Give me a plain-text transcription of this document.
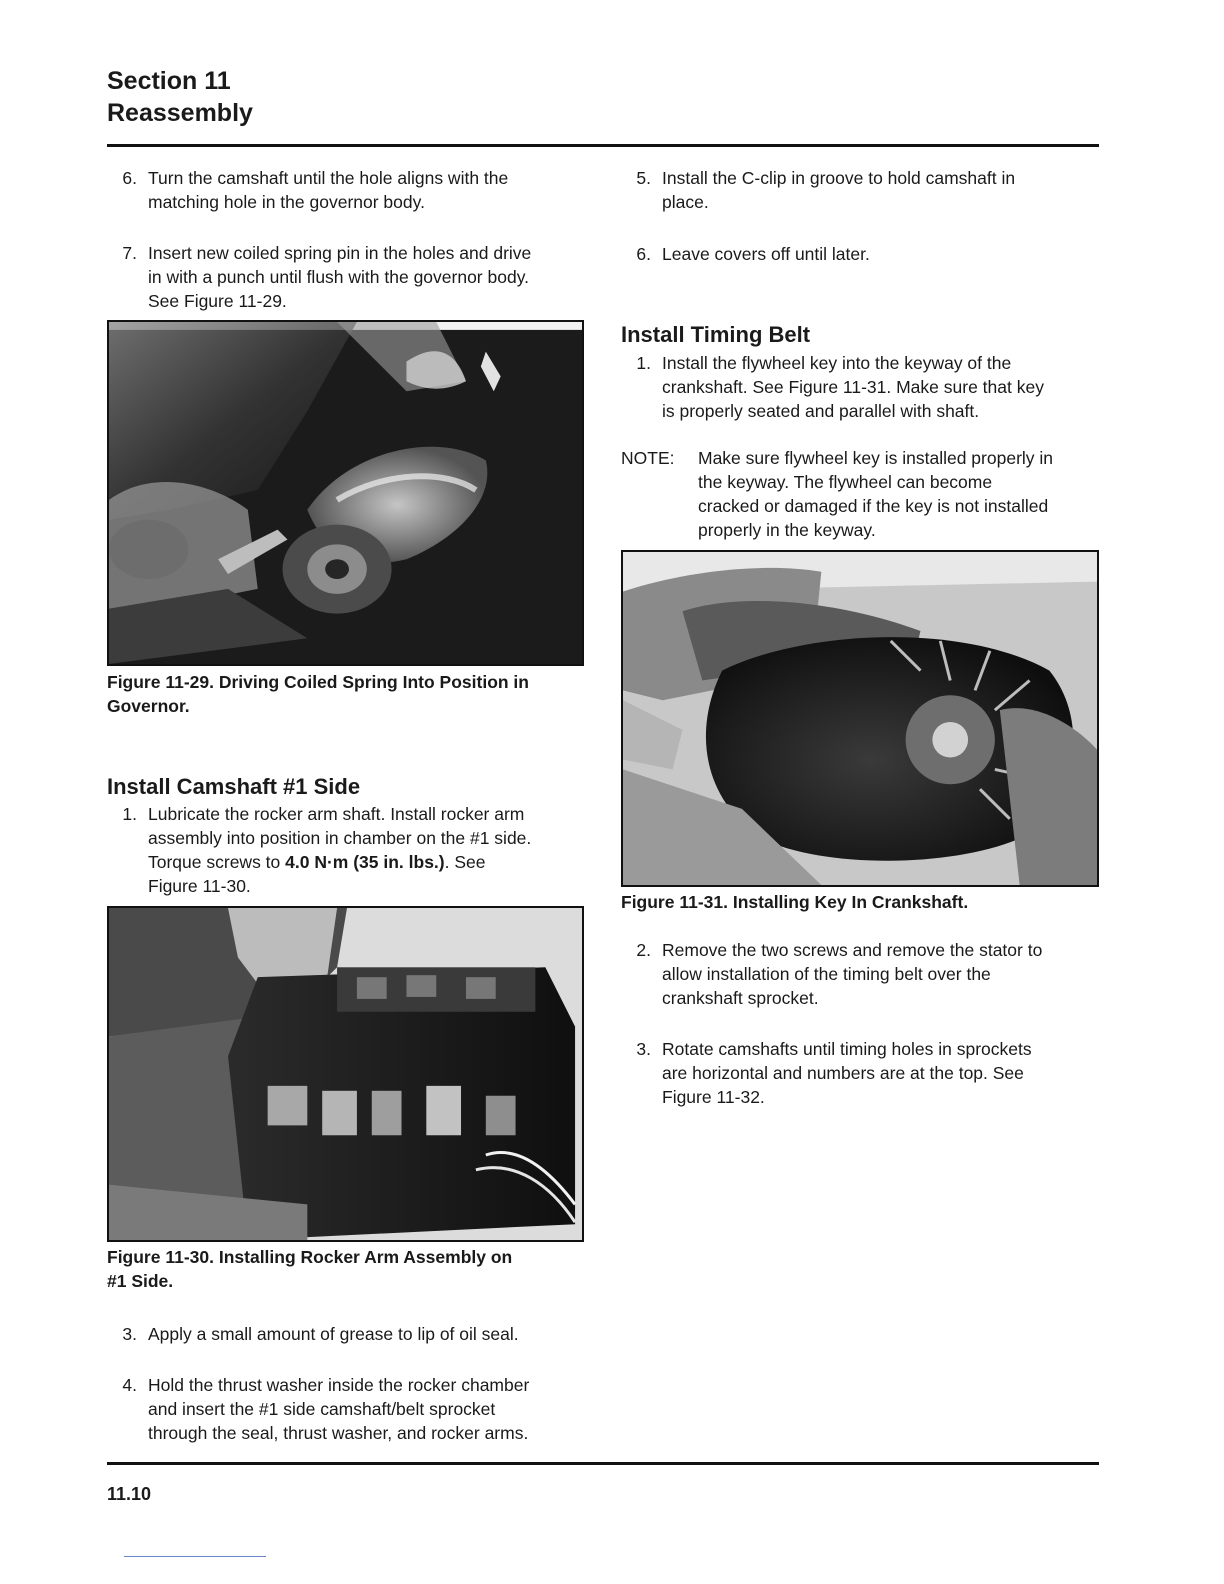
Section 11
Reassembly
6. Turn the camshaft until the hole aligns with the
matching hole in the governor body.
7. Insert new coiled spring pin in the holes and drive
in with a punch until flush with the governor body.
See Figure 11-29.
Figure 11-29. Driving Coiled Spring Into Position in
Governor.
Install Camshaft #1 Side
1. Lubricate the rocker arm shaft. Install rocker arm
assembly into position in chamber on the #1 side.
Torque screws to 4.0 N·m (35 in. lbs.). See
Figure 11-30.
Figure 11-30. Installing Rocker Arm Assembly on
#1 Side.
3. Apply a small amount of grease to lip of oil seal.
4. Hold the thrust washer inside the rocker chamber
and insert the #1 side camshaft/belt sprocket
through the seal, thrust washer, and rocker arms.
5. Install the C-clip in groove to hold camshaft in
place.
6. Leave covers off until later.
Install Timing Belt
1. Install the flywheel key into the keyway of the
crankshaft. See Figure 11-31. Make sure that key
is properly seated and parallel with shaft.
NOTE: Make sure flywheel key is installed properly in
the keyway. The flywheel can become
cracked or damaged if the key is not installed
properly in the keyway.
Figure 11-31. Installing Key In Crankshaft.
2. Remove the two screws and remove the stator to
allow installation of the timing belt over the
crankshaft sprocket.
3. Rotate camshafts until timing holes in sprockets
are horizontal and numbers are at the top. See
Figure 11-32.
11.10
